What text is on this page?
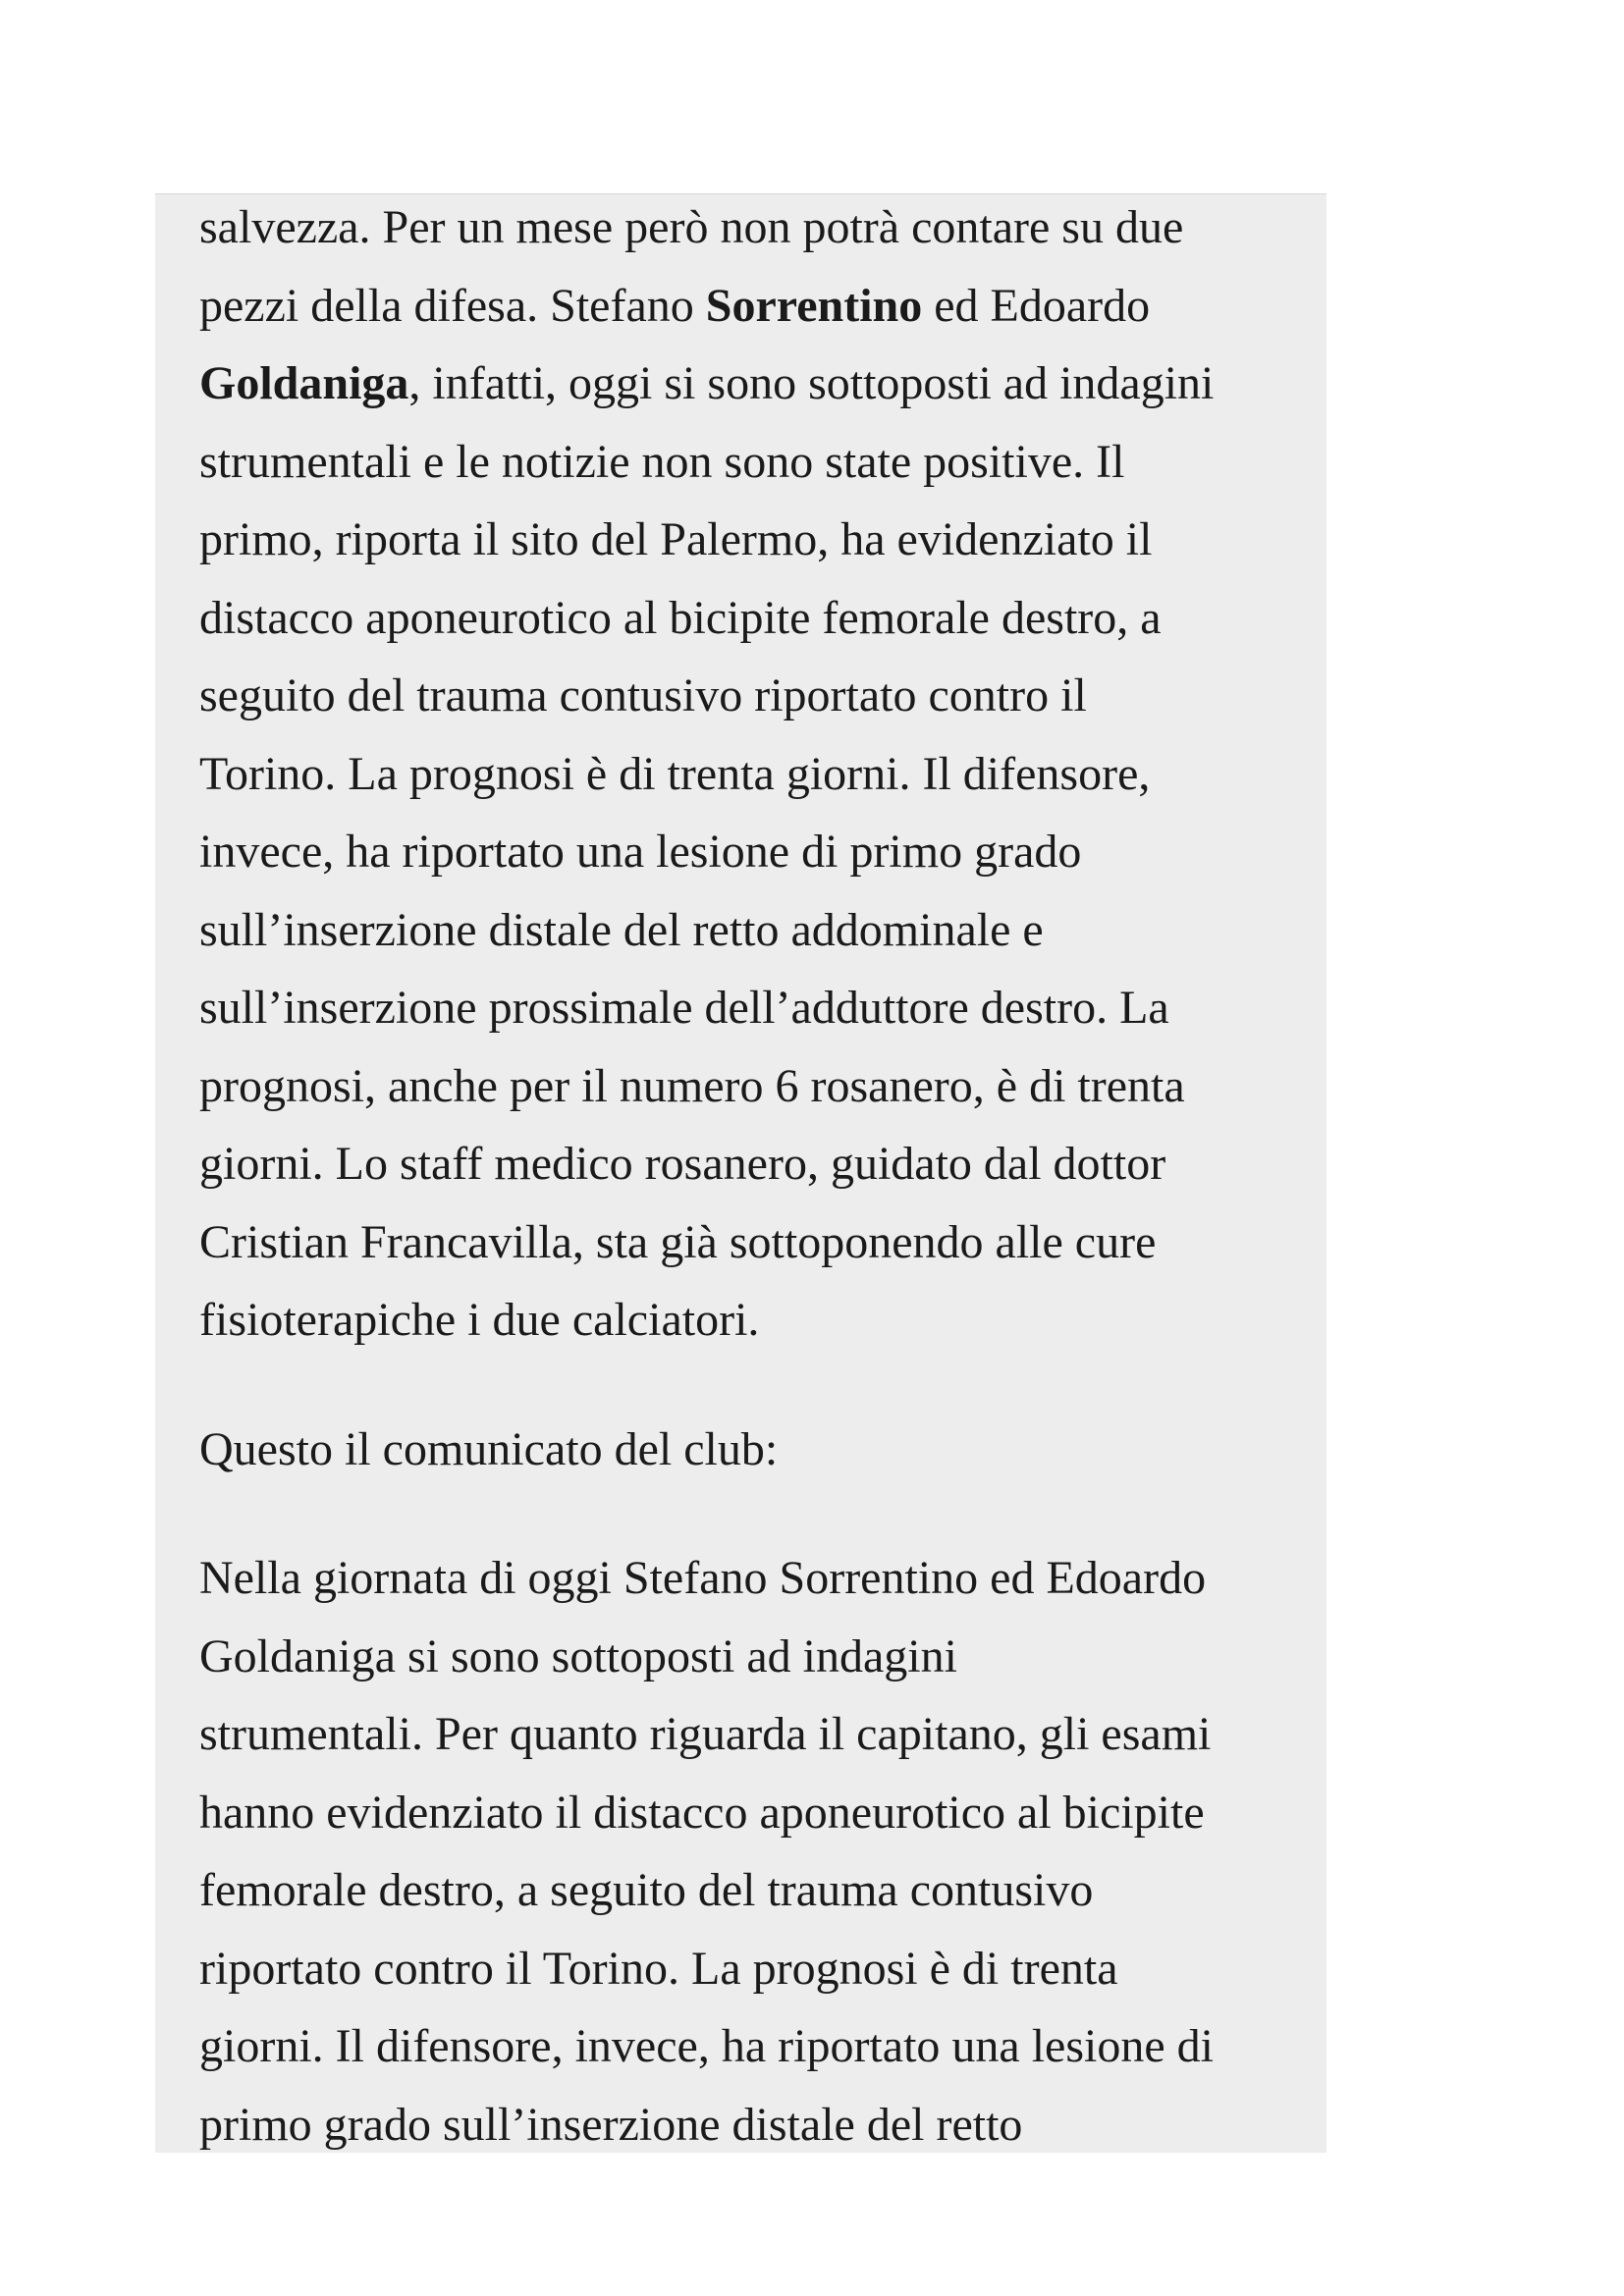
salvezza. Per un mese però non potrà contare su due
pezzi della difesa. Stefano Sorrentino ed Edoardo
Goldaniga, infatti, oggi si sono sottoposti ad indagini
strumentali e le notizie non sono state positive. Il
primo, riporta il sito del Palermo, ha evidenziato il
distacco aponeurotico al bicipite femorale destro, a
seguito del trauma contusivo riportato contro il
Torino. La prognosi è di trenta giorni. Il difensore,
invece, ha riportato una lesione di primo grado
sull’inserzione distale del retto addominale e
sull’inserzione prossimale dell’adduttore destro. La
prognosi, anche per il numero 6 rosanero, è di trenta
giorni. Lo staff medico rosanero, guidato dal dottor
Cristian Francavilla, sta già sottoponendo alle cure
fisioterapiche i due calciatori.

Questo il comunicato del club:

Nella giornata di oggi Stefano Sorrentino ed Edoardo
Goldaniga si sono sottoposti ad indagini
strumentali. Per quanto riguarda il capitano, gli esami
hanno evidenziato il distacco aponeurotico al bicipite
femorale destro, a seguito del trauma contusivo
riportato contro il Torino. La prognosi è di trenta
giorni. Il difensore, invece, ha riportato una lesione di
primo grado sull’inserzione distale del retto
